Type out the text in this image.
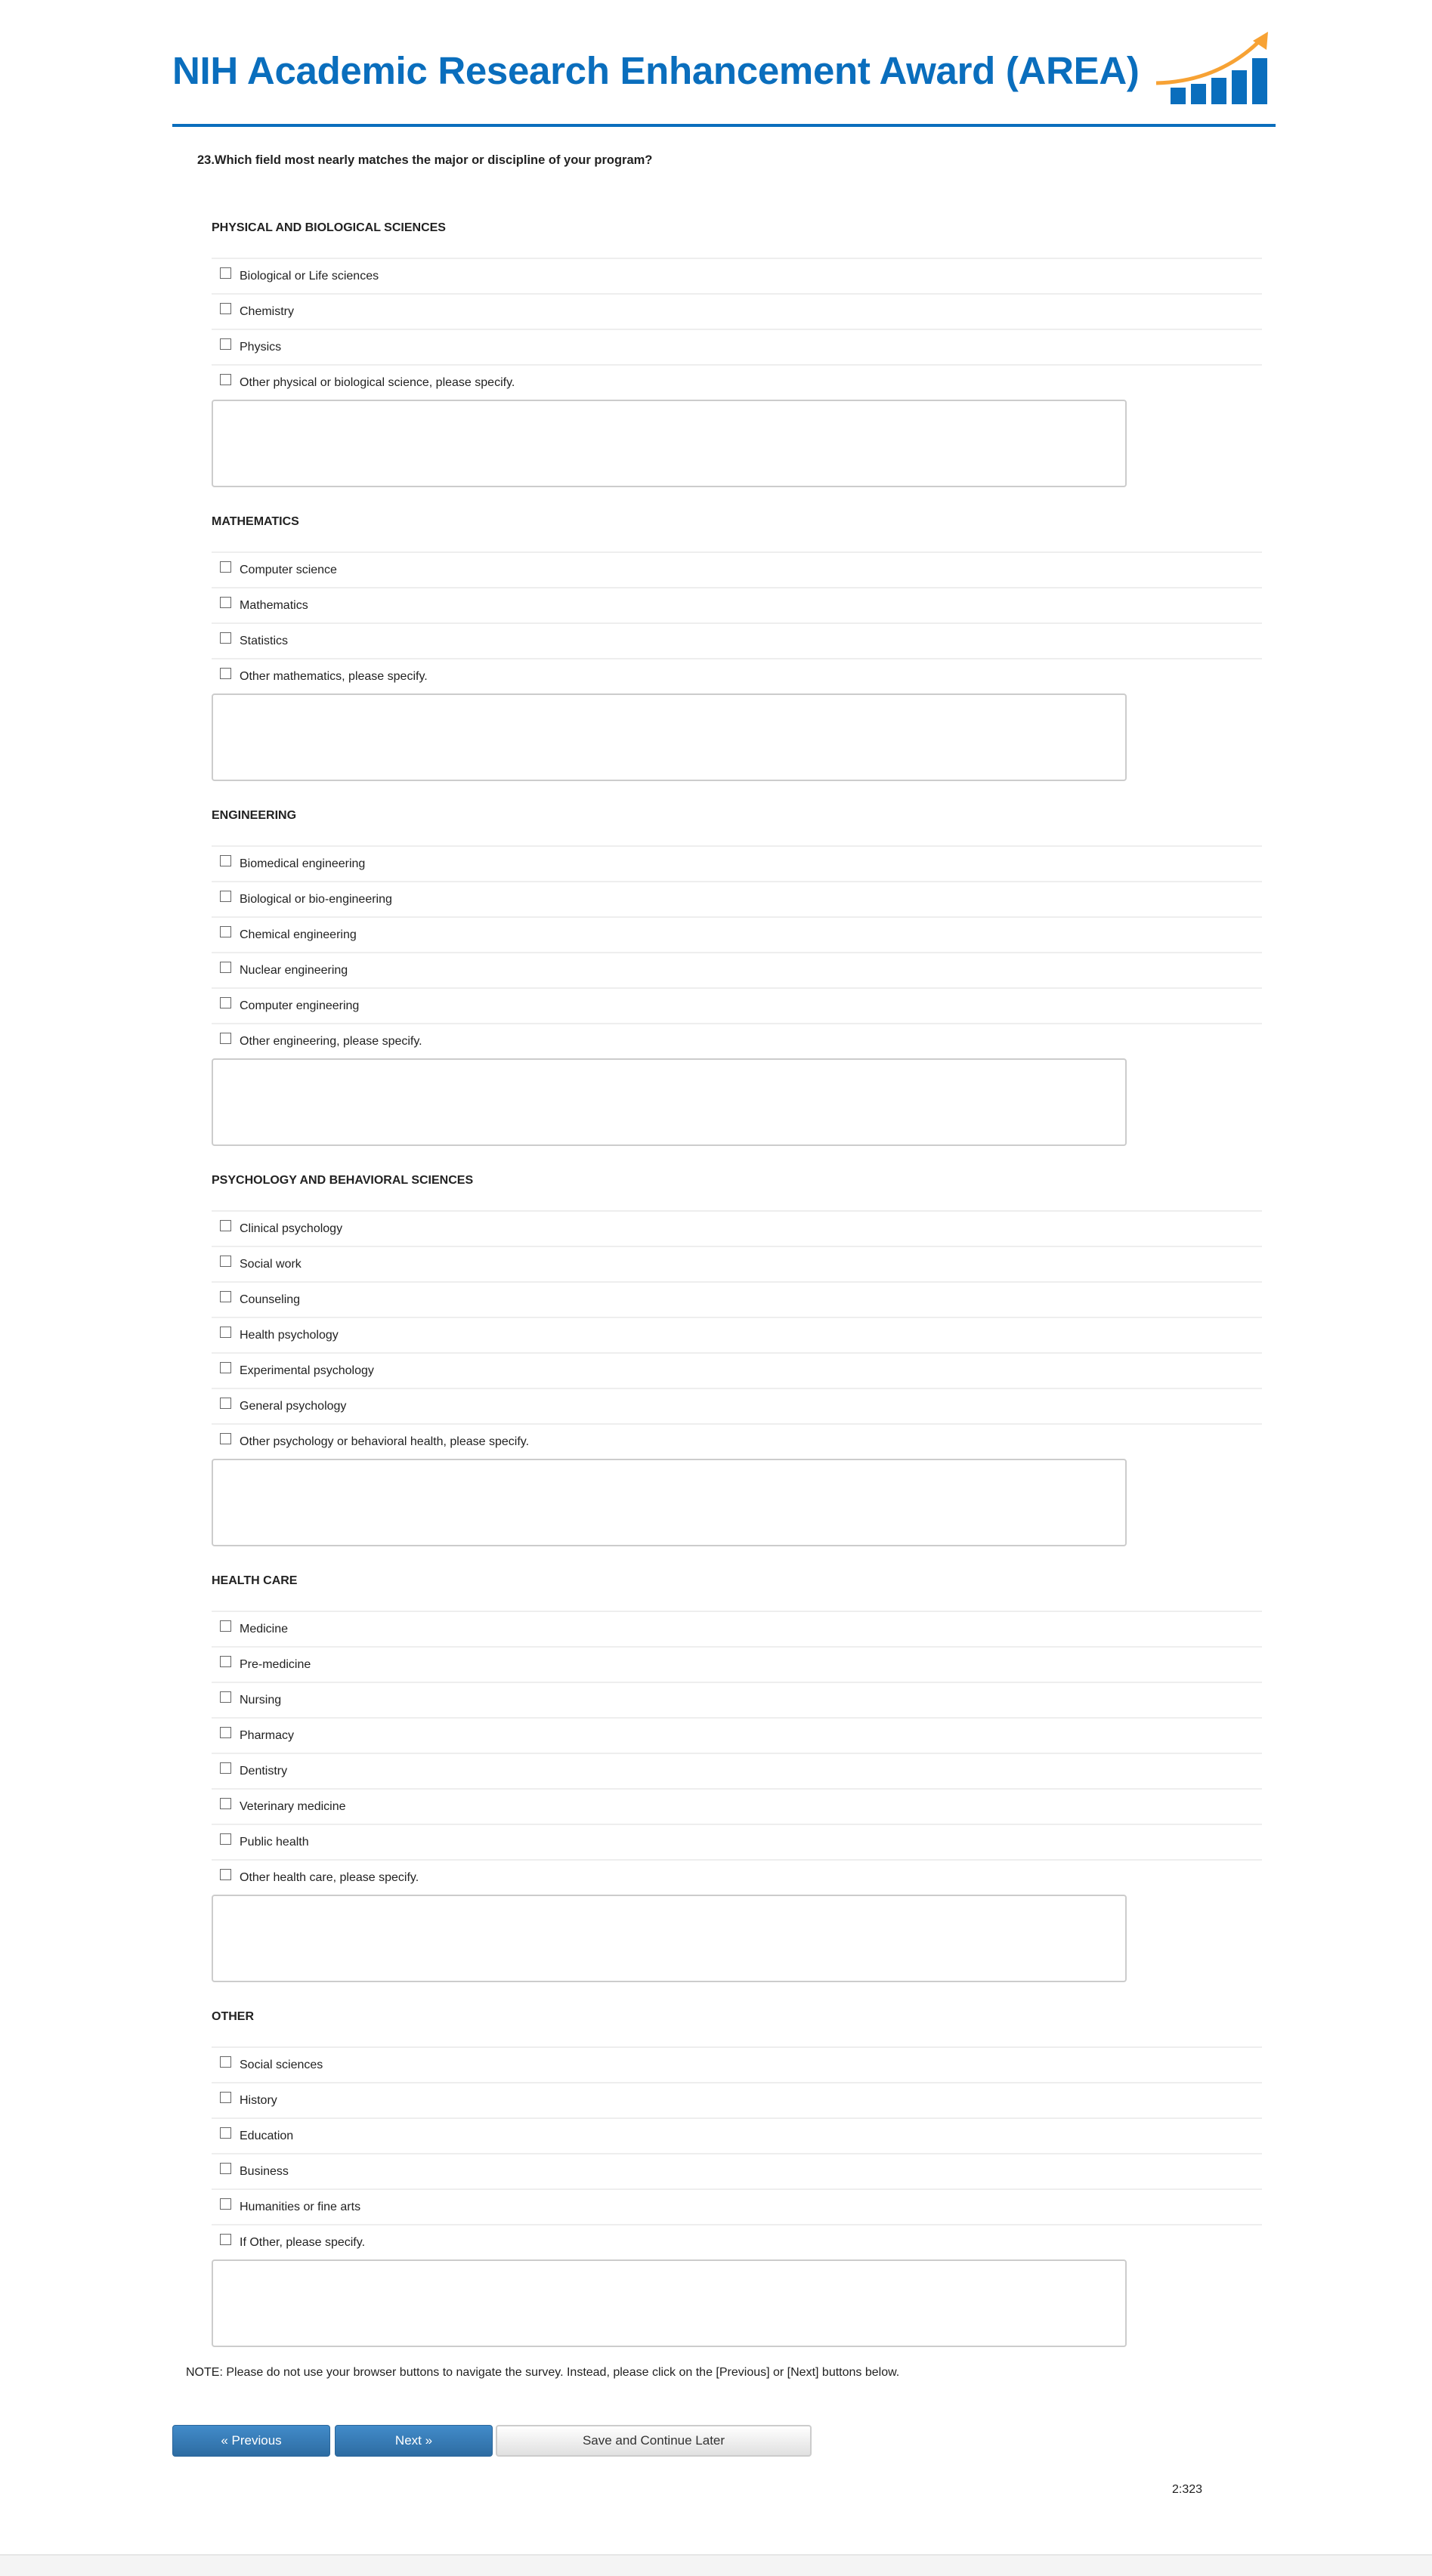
NIH Academic Research Enhancement Award (AREA)
23.Which field most nearly matches the major or discipline of your program?
PHYSICAL AND BIOLOGICAL SCIENCES
Biological or Life sciences
Chemistry
Physics
Other physical or biological science, please specify.
MATHEMATICS
Computer science
Mathematics
Statistics
Other mathematics, please specify.
ENGINEERING
Biomedical engineering
Biological or bio-engineering
Chemical engineering
Nuclear engineering
Computer engineering
Other engineering, please specify.
PSYCHOLOGY AND BEHAVIORAL SCIENCES
Clinical psychology
Social work
Counseling
Health psychology
Experimental psychology
General psychology
Other psychology or behavioral health, please specify.
HEALTH CARE
Medicine
Pre-medicine
Nursing
Pharmacy
Dentistry
Veterinary medicine
Public health
Other health care, please specify.
OTHER
Social sciences
History
Education
Business
Humanities or fine arts
If Other, please specify.
NOTE: Please do not use your browser buttons to navigate the survey. Instead, please click on the [Previous] or [Next] buttons below.
« Previous	Next »	Save and Continue Later
2:323
